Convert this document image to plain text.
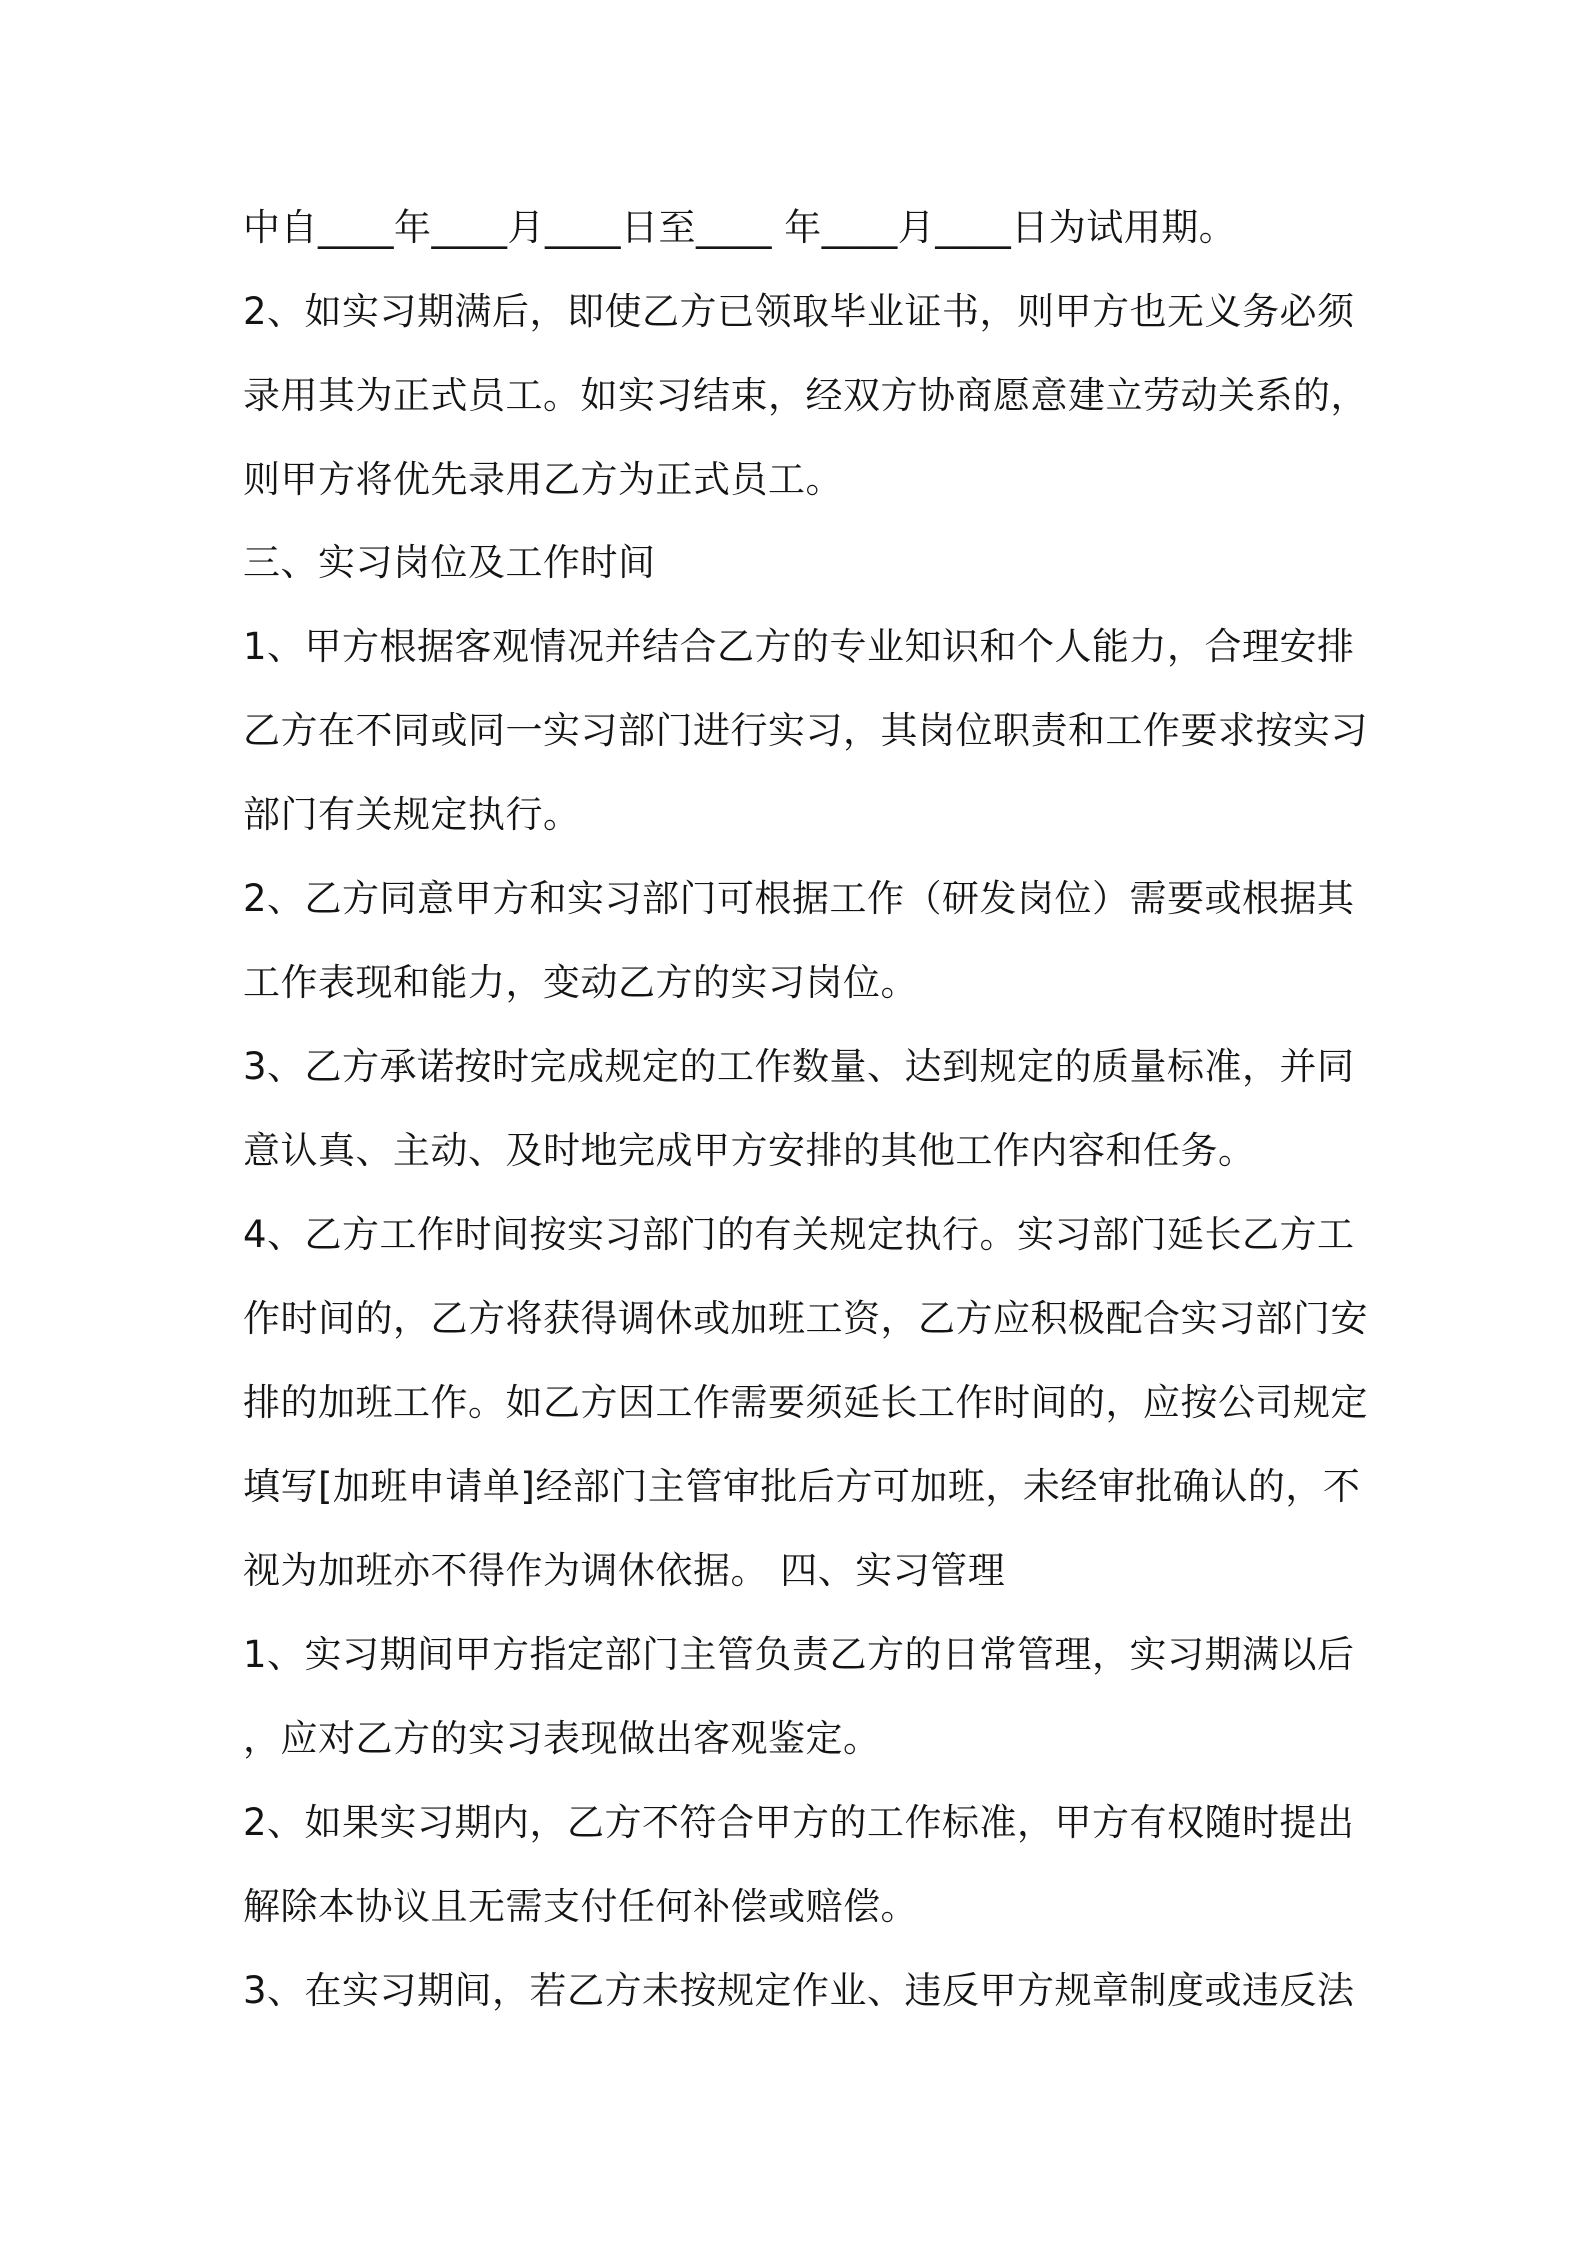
中自____年____月____日至____ 年____月____日为试用期。
2、如实习期满后，即使乙方已领取毕业证书，则甲方也无义务必须
录用其为正式员工。如实习结束，经双方协商愿意建立劳动关系的，
则甲方将优先录用乙方为正式员工。
三、实习岗位及工作时间
1、甲方根据客观情况并结合乙方的专业知识和个人能力，合理安排
乙方在不同或同一实习部门进行实习，其岗位职责和工作要求按实习
部门有关规定执行。
2、乙方同意甲方和实习部门可根据工作（研发岗位）需要或根据其
工作表现和能力，变动乙方的实习岗位。
3、乙方承诺按时完成规定的工作数量、达到规定的质量标准，并同
意认真、主动、及时地完成甲方安排的其他工作内容和任务。
4、乙方工作时间按实习部门的有关规定执行。实习部门延长乙方工
作时间的，乙方将获得调休或加班工资，乙方应积极配合实习部门安
排的加班工作。如乙方因工作需要须延长工作时间的，应按公司规定
填写[加班申请单]经部门主管审批后方可加班，未经审批确认的，不
视为加班亦不得作为调休依据。 四、实习管理
1、实习期间甲方指定部门主管负责乙方的日常管理，实习期满以后
，应对乙方的实习表现做出客观鉴定。
2、如果实习期内，乙方不符合甲方的工作标准，甲方有权随时提出
解除本协议且无需支付任何补偿或赔偿。
3、在实习期间，若乙方未按规定作业、违反甲方规章制度或违反法
